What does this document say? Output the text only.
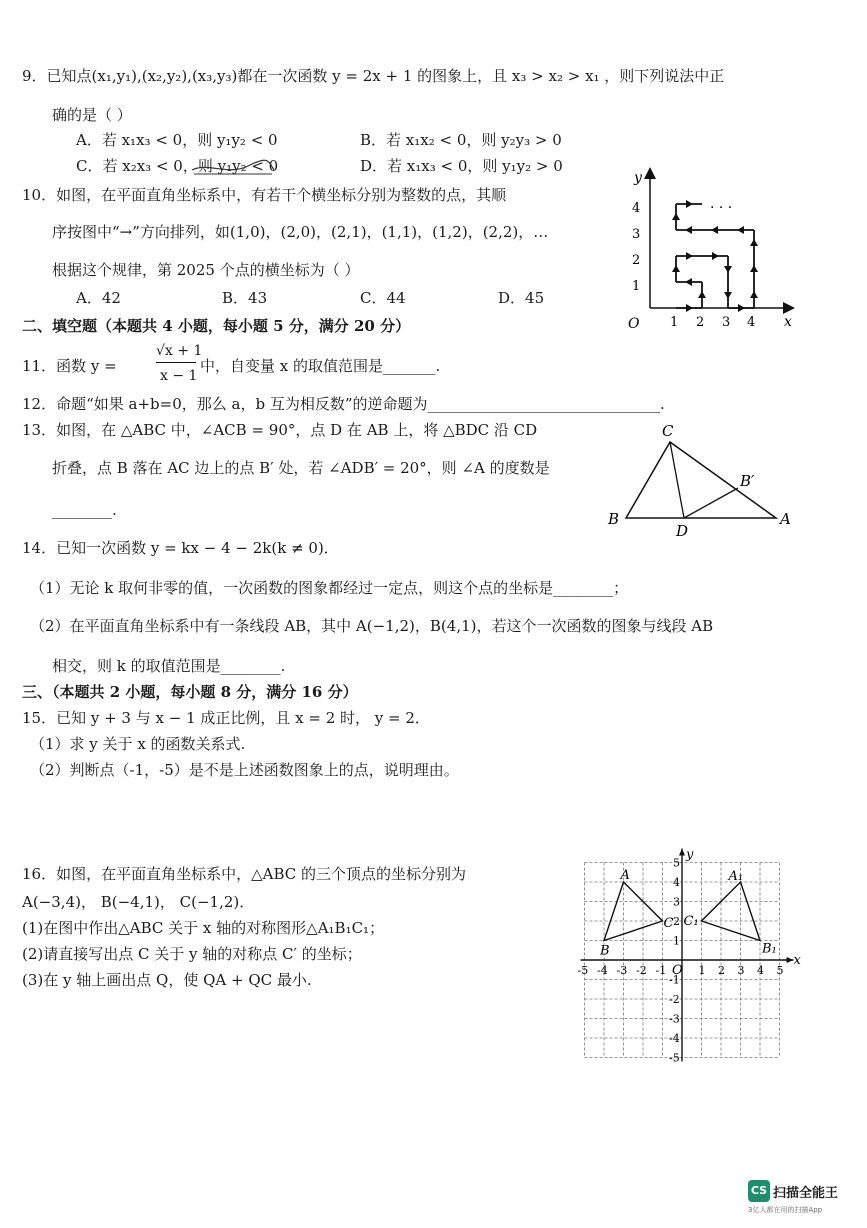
9．已知点(x₁,y₁),(x₂,y₂),(x₃,y₃)都在一次函数 y = 2x + 1 的图象上，且 x₃ > x₂ > x₁ ，则下列说法中正
确的是（ ）
A．若 x₁x₃ < 0，则 y₁y₂ < 0	B．若 x₁x₂ < 0，则 y₂y₃ > 0
C．若 x₂x₃ < 0，则 y₁y₂ < 0	D．若 x₁x₃ < 0，则 y₁y₂ > 0
10．如图，在平面直角坐标系中，有若干个横坐标分别为整数的点，其顺
序按图中“→”方向排列，如(1,0)，(2,0)，(2,1)，(1,1)，(1,2)，(2,2)，…
根据这个规律，第 2025 个点的横坐标为（ ）
A．42	B．43	C．44	D．45
y
x
O 1 2 3 4
1
2
3
4	· · ·
二、填空题（本题共 4 小题，每小题 5 分，满分 20 分）
11．函数 y =
√x + 1
x − 1
中，自变量 x 的取值范围是_______.
12．命题“如果 a+b=0，那么 a，b 互为相反数”的逆命题为_______________________________.
13．如图，在 △ABC 中，∠ACB = 90°，点 D 在 AB 上，将 △BDC 沿 CD
折叠，点 B 落在 AC 边上的点 B′ 处，若 ∠ADB′ = 20°，则 ∠A 的度数是
________.
C
B′
B
D
A
14．已知一次函数 y = kx − 4 − 2k(k ≠ 0)．
（1）无论 k 取何非零的值，一次函数的图象都经过一定点，则这个点的坐标是________；
（2）在平面直角坐标系中有一条线段 AB，其中 A(−1,2)，B(4,1)，若这个一次函数的图象与线段 AB
相交，则 k 的取值范围是________.
三、（本题共 2 小题，每小题 8 分，满分 16 分）
15．已知 y + 3 与 x − 1 成正比例，且 x = 2 时， y = 2．
（1）求 y 关于 x 的函数关系式.
（2）判断点（-1，-5）是不是上述函数图象上的点，说明理由。
16．如图，在平面直角坐标系中，△ABC 的三个顶点的坐标分别为
A(−3,4)， B(−4,1)， C(−1,2)．
(1)在图中作出△ABC 关于 x 轴的对称图形△A₁B₁C₁；
(2)请直接写出点 C 关于 y 轴的对称点 C′ 的坐标；
(3)在 y 轴上画出点 Q，使 QA + QC 最小.
x
y
O
-5 -4 -3 -2 -1	1 2 3 4 5
5
4
3
2
1
-1
-2
-3
-4
-5
A
B
C
A₁
B₁
C₁
CS 扫描全能王
3亿人都在用的扫描App
